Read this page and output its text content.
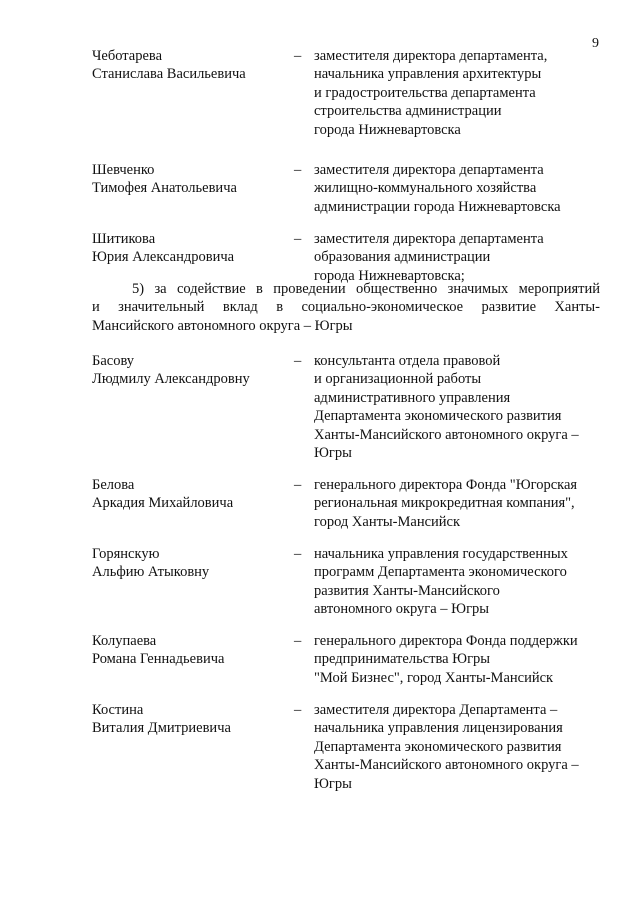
9
Чеботарева
Станислава Васильевича
– заместителя директора департамента,
начальника управления архитектуры
и градостроительства департамента
строительства администрации
города Нижневартовска
Шевченко
Тимофея Анатольевича
– заместителя директора департамента
жилищно-коммунального хозяйства
администрации города Нижневартовска
Шитикова
Юрия Александровича
– заместителя директора департамента
образования администрации
города Нижневартовска;
5) за содействие в проведении общественно значимых мероприятий
и значительный вклад в социально-экономическое развитие Ханты-
Мансийского автономного округа – Югры
Басову
Людмилу Александровну
– консультанта отдела правовой
и организационной работы
административного управления
Департамента экономического развития
Ханты-Мансийского автономного округа –
Югры
Белова
Аркадия Михайловича
– генерального директора Фонда "Югорская
региональная микрокредитная компания",
город Ханты-Мансийск
Горянскую
Альфию Атыковну
– начальника управления государственных
программ Департамента экономического
развития Ханты-Мансийского
автономного округа – Югры
Колупаева
Романа Геннадьевича
– генерального директора Фонда поддержки
предпринимательства Югры
"Мой Бизнес", город Ханты-Мансийск
Костина
Виталия Дмитриевича
– заместителя директора Департамента –
начальника управления лицензирования
Департамента экономического развития
Ханты-Мансийского автономного округа –
Югры
